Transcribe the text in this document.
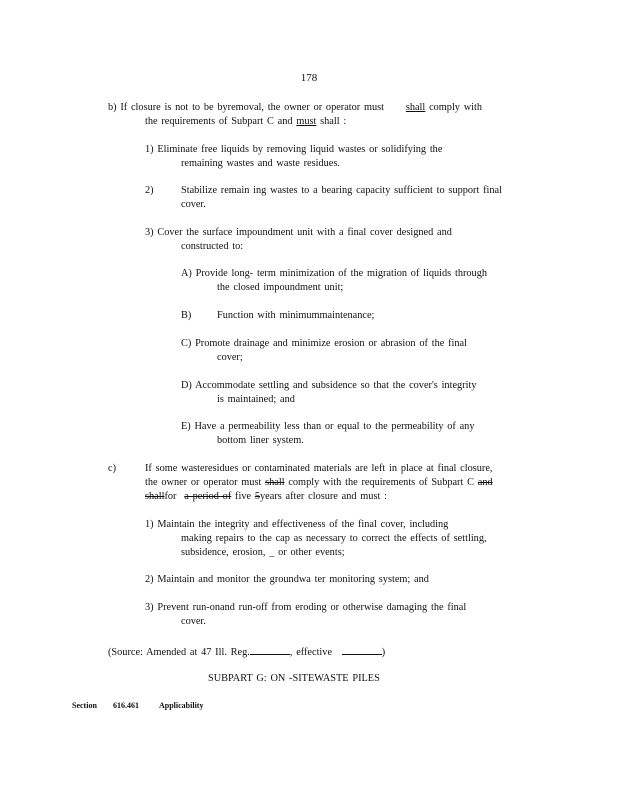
178
b) If closure is not to be byremoval, the owner or operator must shall comply with
the requirements of Subpart C and must shall :
1) Eliminate free liquids by removing liquid wastes or solidifying the
remaining wastes and waste residues.
2)	Stabilize remain ing wastes to a bearing capacity sufficient to support final
cover.
3) Cover the surface impoundment unit with a final cover designed and
constructed to:
A) Provide long- term minimization of the migration of liquids through
the closed impoundment unit;
B) Function with minimummaintenance;
C) Promote drainage and minimize erosion or abrasion of the final
cover;
D) Accommodate settling and subsidence so that the cover's integrity
is maintained; and
E) Have a permeability less than or equal to the permeability of any
bottom liner system.
c)	If some wasteresidues or contaminated materials are left in place at final closure,
the owner or operator must shall comply with the requirements of Subpart C and
shallfor a period of five 5years after closure and must :
1) Maintain the integrity and effectiveness of the final cover, including
making repairs to the cap as necessary to correct the effects of settling,
subsidence, erosion, _ or other events;
2) Maintain and monitor the groundwa ter monitoring system; and
3) Prevent run-onand run-off from eroding or otherwise damaging the final
cover.
(Source: Amended at 47 Ill. Reg.	, effective	)
SUBPART G: ON -SITEWASTE PILES
Section 616.461	Applicability
